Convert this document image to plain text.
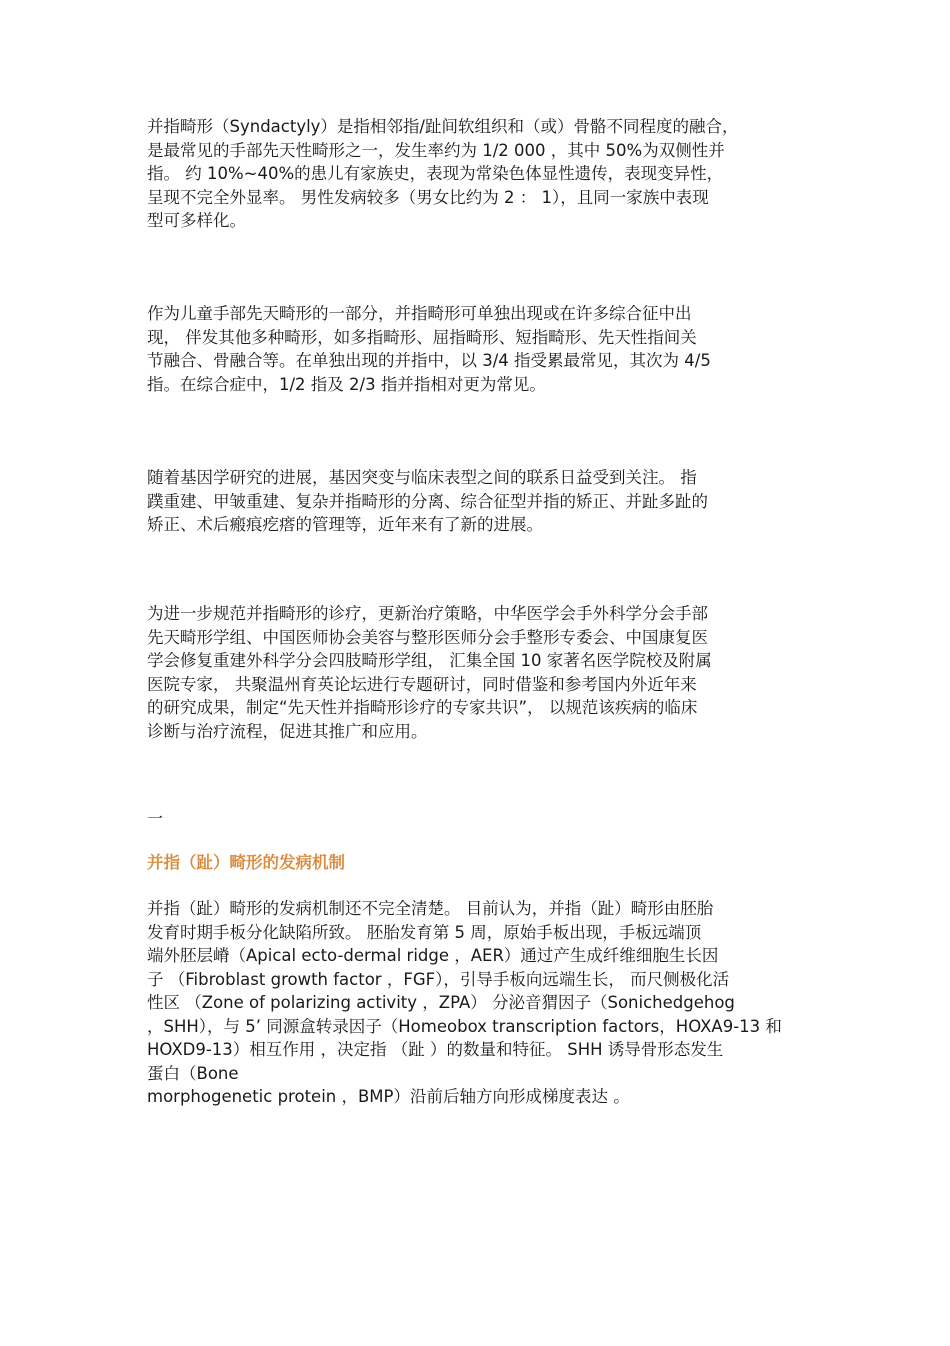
并指畸形（Syndactyly）是指相邻指/趾间软组织和（或）骨骼不同程度的融合，
是最常见的手部先天性畸形之一，发生率约为 1/2 000 ，其中 50%为双侧性并
指。 约 10%~40%的患儿有家族史，表现为常染色体显性遗传，表现变异性，
呈现不完全外显率。 男性发病较多（男女比约为 2 ： 1），且同一家族中表现
型可多样化。
作为儿童手部先天畸形的一部分，并指畸形可单独出现或在许多综合征中出
现， 伴发其他多种畸形，如多指畸形、屈指畸形、短指畸形、先天性指间关
节融合、骨融合等。在单独出现的并指中，以 3/4 指受累最常见，其次为 4/5
指。在综合症中，1/2 指及 2/3 指并指相对更为常见。
随着基因学研究的进展，基因突变与临床表型之间的联系日益受到关注。 指
蹼重建、甲皱重建、复杂并指畸形的分离、综合征型并指的矫正、并趾多趾的
矫正、术后瘢痕疙瘩的管理等，近年来有了新的进展。
为进一步规范并指畸形的诊疗，更新治疗策略，中华医学会手外科学分会手部
先天畸形学组、中国医师协会美容与整形医师分会手整形专委会、中国康复医
学会修复重建外科学分会四肢畸形学组， 汇集全国 10 家著名医学院校及附属
医院专家， 共聚温州育英论坛进行专题研讨，同时借鉴和参考国内外近年来
的研究成果，制定“先天性并指畸形诊疗的专家共识”， 以规范该疾病的临床
诊断与治疗流程，促进其推广和应用。
一
并指（趾）畸形的发病机制
并指（趾）畸形的发病机制还不完全清楚。 目前认为，并指（趾）畸形由胚胎
发育时期手板分化缺陷所致。 胚胎发育第 5 周，原始手板出现，手板远端顶
端外胚层嵴（Apical ecto-dermal ridge ，AER）通过产生成纤维细胞生长因
子 （Fibroblast growth factor ，FGF），引导手板向远端生长， 而尺侧极化活
性区 （Zone of polarizing activity ，ZPA） 分泌音猬因子（Sonichedgehog
，SHH），与 5’ 同源盒转录因子（Homeobox transcription factors，HOXA9-13 和
HOXD9-13）相互作用 ，决定指 （趾 ）的数量和特征。 SHH 诱导骨形态发生
蛋白（Bone
morphogenetic protein ，BMP）沿前后轴方向形成梯度表达 。
